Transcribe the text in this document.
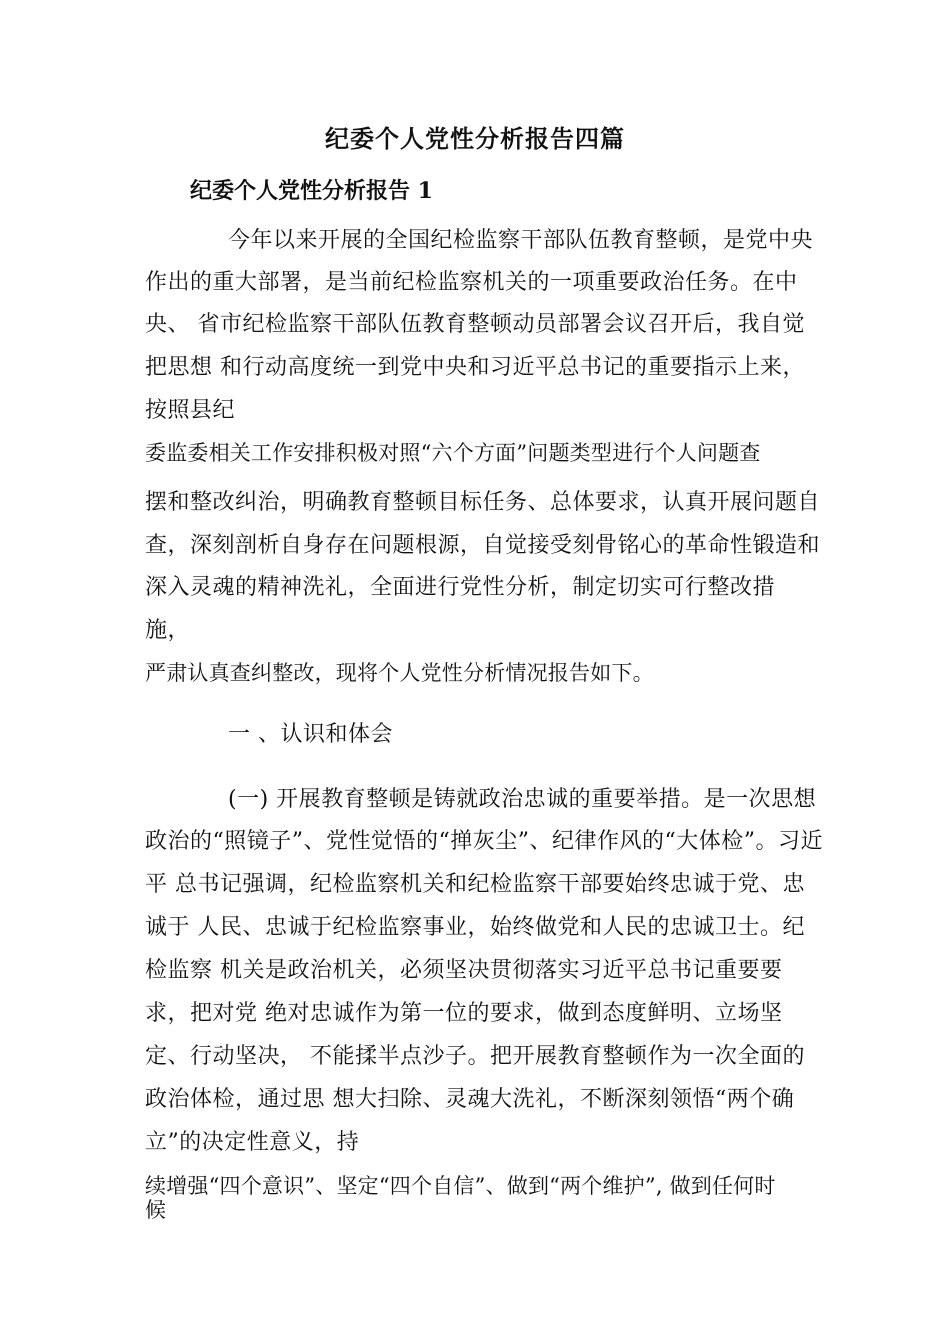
纪委个人党性分析报告四篇
纪委个人党性分析报告 1
今年以来开展的全国纪检监察干部队伍教育整顿，是党中央
作出的重大部署，是当前纪检监察机关的一项重要政治任务。在中
央、 省市纪检监察干部队伍教育整顿动员部署会议召开后，我自觉
把思想 和行动高度统一到党中央和习近平总书记的重要指示上来，
按照县纪
委监委相关工作安排积极对照“六个方面”问题类型进行个人问题查
摆和整改纠治，明确教育整顿目标任务、总体要求，认真开展问题自
查，深刻剖析自身存在问题根源，自觉接受刻骨铭心的革命性锻造和
深入灵魂的精神洗礼，全面进行党性分析，制定切实可行整改措
施，
严肃认真查纠整改，现将个人党性分析情况报告如下。
一 、认识和体会
(一) 开展教育整顿是铸就政治忠诚的重要举措。是一次思想
政治的“照镜子”、党性觉悟的“掸灰尘”、纪律作风的“大体检”。习近
平 总书记强调，纪检监察机关和纪检监察干部要始终忠诚于党、忠
诚于 人民、忠诚于纪检监察事业，始终做党和人民的忠诚卫士。纪
检监察 机关是政治机关，必须坚决贯彻落实习近平总书记重要要
求，把对党 绝对忠诚作为第一位的要求，做到态度鲜明、立场坚
定、行动坚决， 不能揉半点沙子。把开展教育整顿作为一次全面的
政治体检，通过思 想大扫除、灵魂大洗礼，不断深刻领悟“两个确
立”的决定性意义，持
续增强“四个意识”、坚定“四个自信”、做到“两个维护”, 做到任何时
候
